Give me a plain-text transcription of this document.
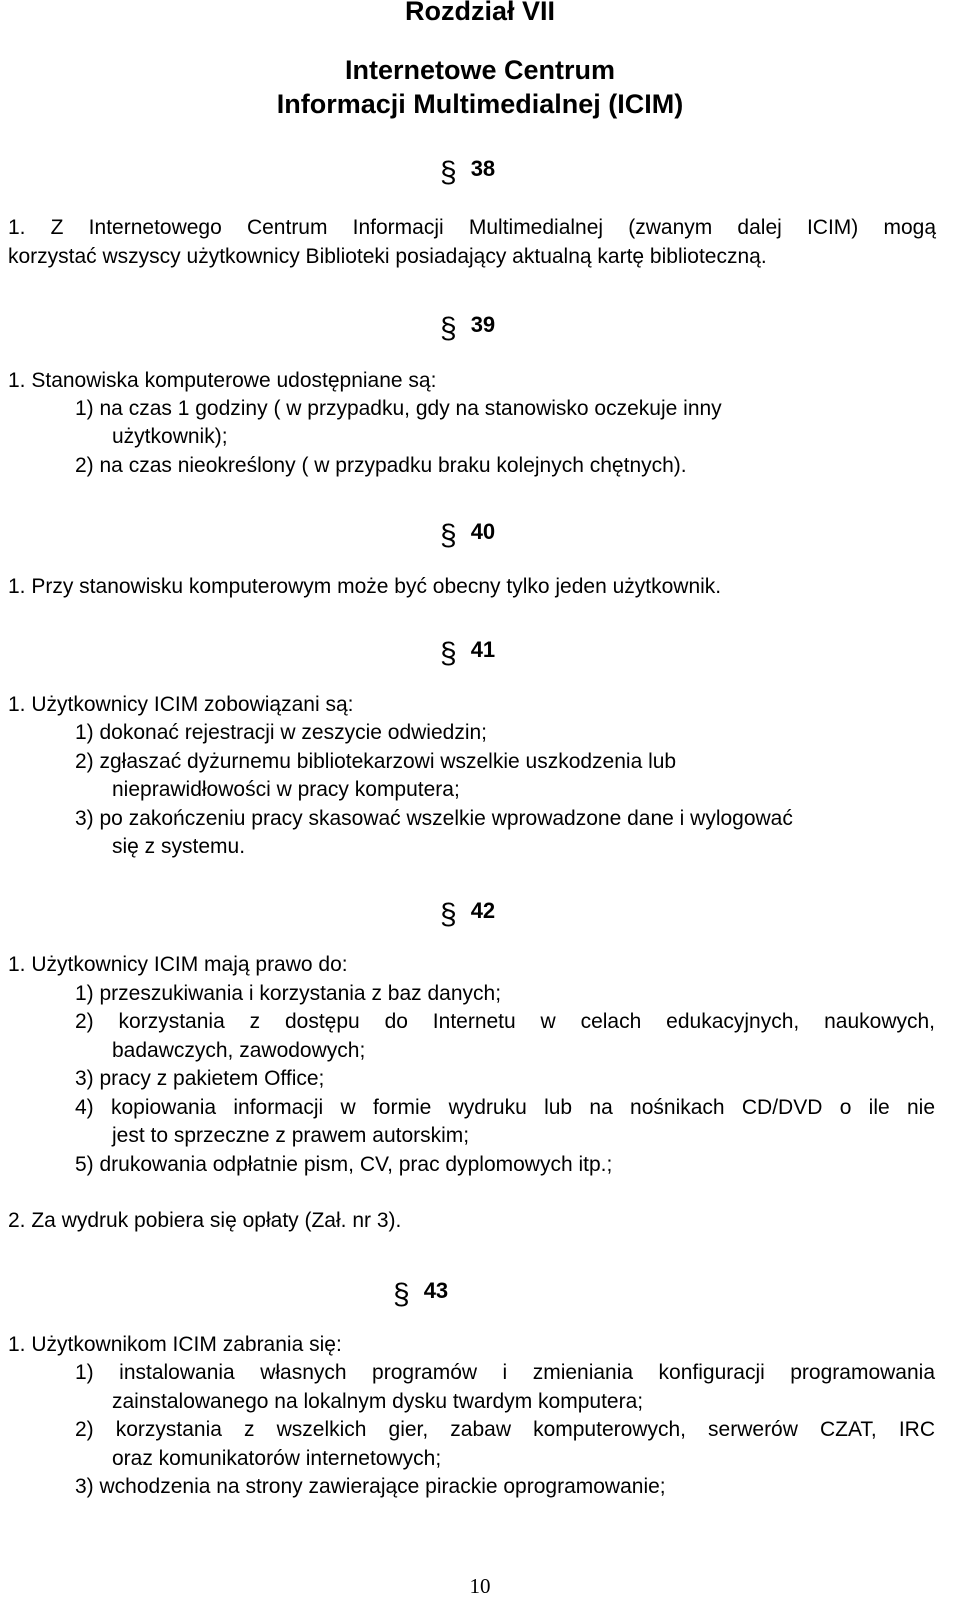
Rozdział VII
Internetowe Centrum
Informacji Multimedialnej (ICIM)
§ 38
1. Z Internetowego Centrum Informacji Multimedialnej (zwanym dalej ICIM) mogą
korzystać wszyscy użytkownicy Biblioteki posiadający aktualną kartę biblioteczną.
§ 39
1. Stanowiska komputerowe udostępniane są:
1) na czas 1 godziny ( w przypadku, gdy na stanowisko oczekuje inny
użytkownik);
2) na czas nieokreślony ( w przypadku braku kolejnych chętnych).
§ 40
1. Przy stanowisku komputerowym może być obecny tylko jeden użytkownik.
§ 41
1. Użytkownicy ICIM zobowiązani są:
1) dokonać rejestracji w zeszycie odwiedzin;
2) zgłaszać dyżurnemu bibliotekarzowi wszelkie uszkodzenia lub
nieprawidłowości w pracy komputera;
3) po zakończeniu pracy skasować wszelkie wprowadzone dane i wylogować
się z systemu.
§ 42
1. Użytkownicy ICIM mają prawo do:
1) przeszukiwania i korzystania z baz danych;
2) korzystania z dostępu do Internetu w celach edukacyjnych, naukowych,
badawczych, zawodowych;
3) pracy z pakietem Office;
4) kopiowania informacji w formie wydruku lub na nośnikach CD/DVD o ile nie
jest to sprzeczne z prawem autorskim;
5) drukowania odpłatnie pism, CV, prac dyplomowych itp.;
2. Za wydruk pobiera się opłaty (Zał. nr 3).
§ 43
1. Użytkownikom ICIM zabrania się:
1) instalowania własnych programów i zmieniania konfiguracji programowania
zainstalowanego na lokalnym dysku twardym komputera;
2) korzystania z wszelkich gier, zabaw komputerowych, serwerów CZAT, IRC
oraz komunikatorów internetowych;
3) wchodzenia na strony zawierające pirackie oprogramowanie;
10
